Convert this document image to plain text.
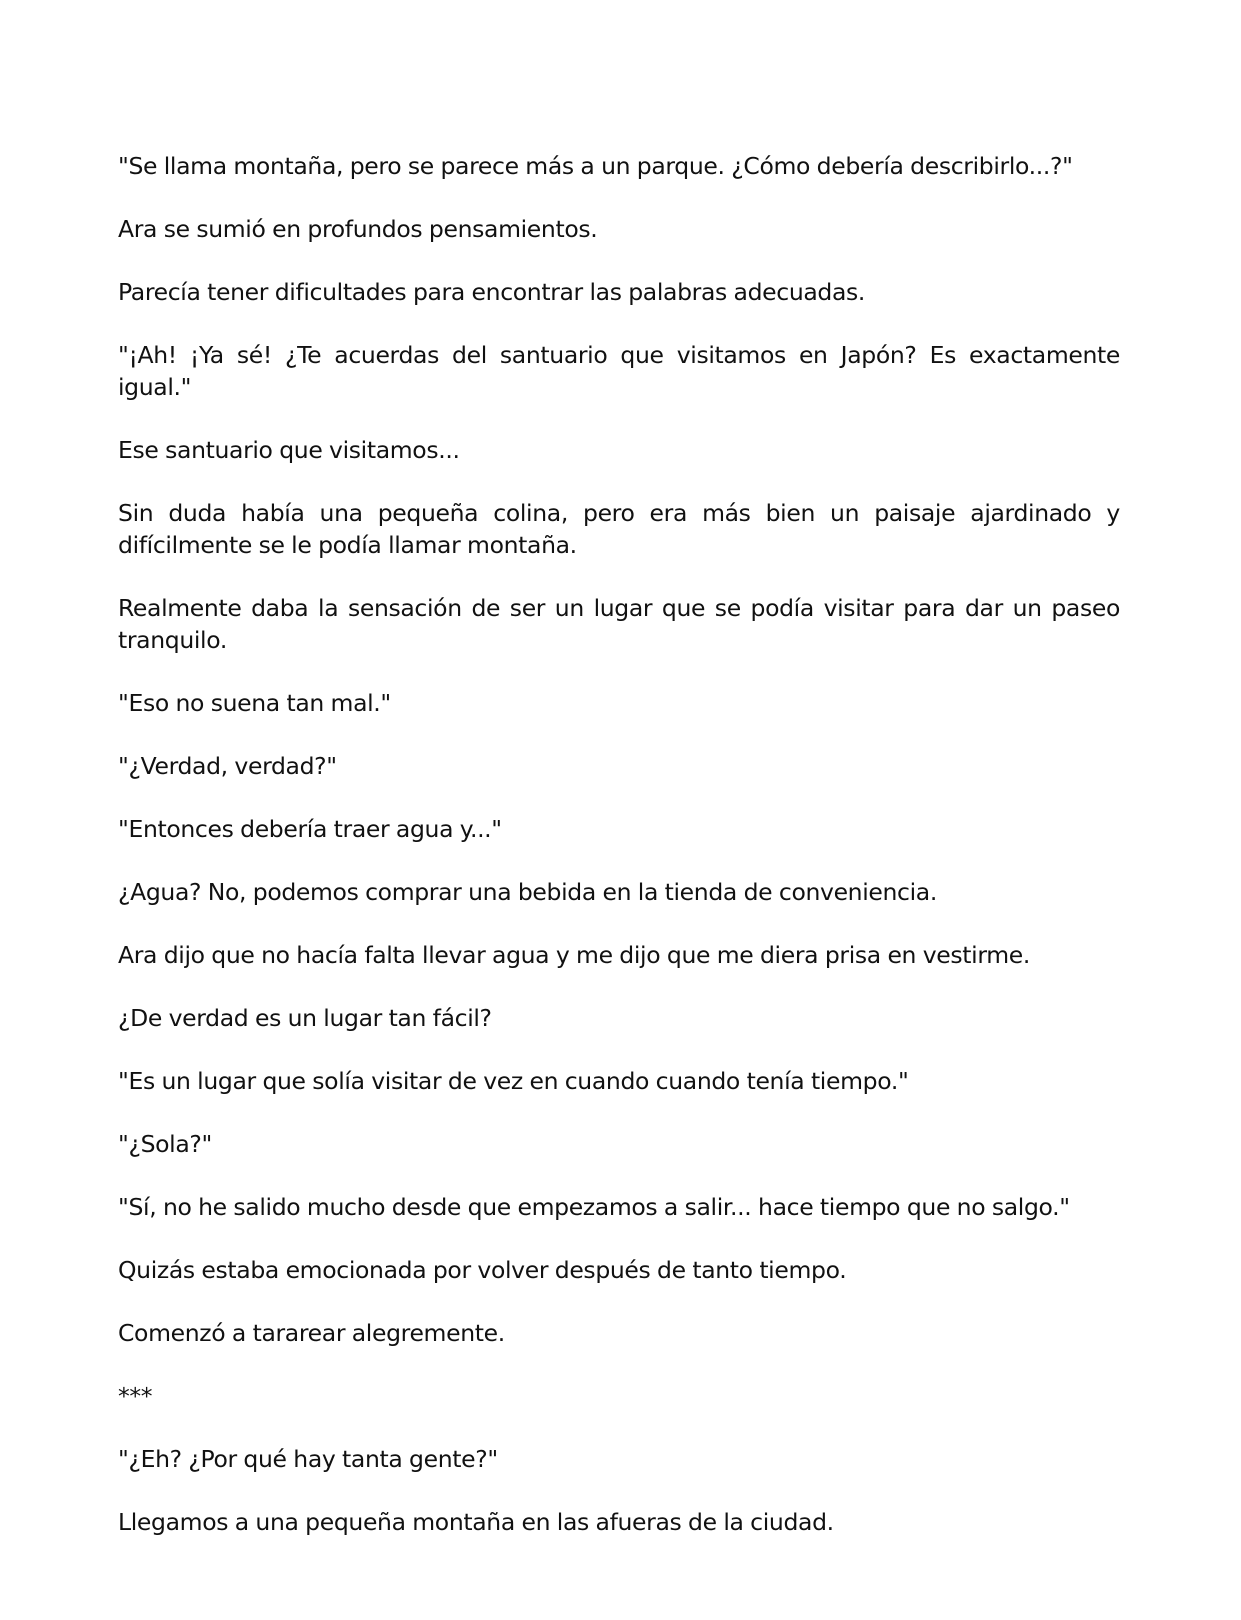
"Se llama montaña, pero se parece más a un parque. ¿Cómo debería describirlo...?"

Ara se sumió en profundos pensamientos.

Parecía tener dificultades para encontrar las palabras adecuadas.

"¡Ah! ¡Ya sé! ¿Te acuerdas del santuario que visitamos en Japón? Es exactamente igual."

Ese santuario que visitamos...

Sin duda había una pequeña colina, pero era más bien un paisaje ajardinado y difícilmente se le podía llamar montaña.

Realmente daba la sensación de ser un lugar que se podía visitar para dar un paseo tranquilo.

"Eso no suena tan mal."

"¿Verdad, verdad?"

"Entonces debería traer agua y..."

¿Agua? No, podemos comprar una bebida en la tienda de conveniencia.

Ara dijo que no hacía falta llevar agua y me dijo que me diera prisa en vestirme.

¿De verdad es un lugar tan fácil?

"Es un lugar que solía visitar de vez en cuando cuando tenía tiempo."

"¿Sola?"

"Sí, no he salido mucho desde que empezamos a salir... hace tiempo que no salgo."

Quizás estaba emocionada por volver después de tanto tiempo.

Comenzó a tararear alegremente.

***

"¿Eh? ¿Por qué hay tanta gente?"

Llegamos a una pequeña montaña en las afueras de la ciudad.
